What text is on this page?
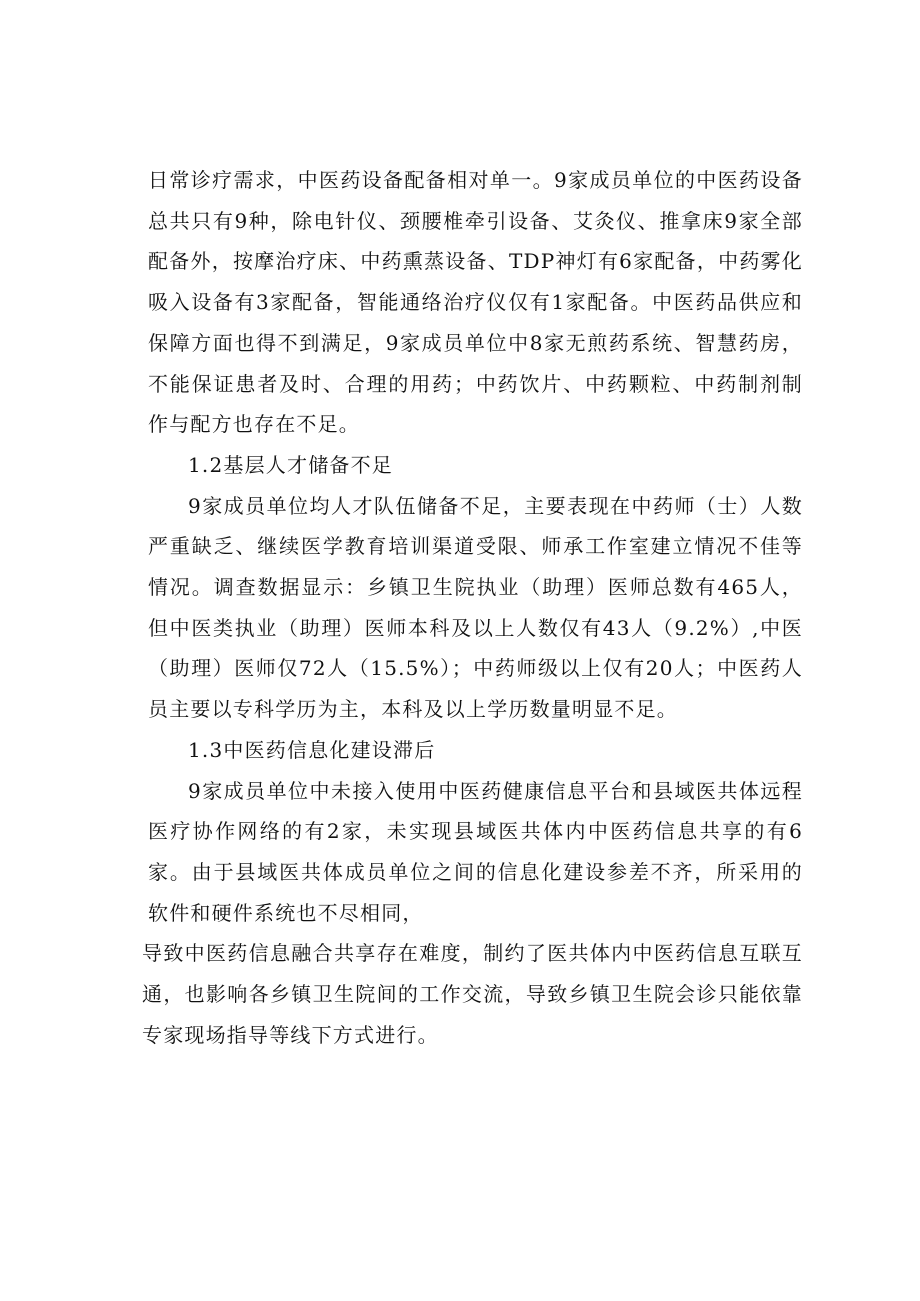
日常诊疗需求，中医药设备配备相对单一。9家成员单位的中医药设备总共只有9种，除电针仪、颈腰椎牵引设备、艾灸仪、推拿床9家全部配备外，按摩治疗床、中药熏蒸设备、TDP神灯有6家配备，中药雾化吸入设备有3家配备，智能通络治疗仪仅有1家配备。中医药品供应和保障方面也得不到满足，9家成员单位中8家无煎药系统、智慧药房，不能保证患者及时、合理的用药；中药饮片、中药颗粒、中药制剂制作与配方也存在不足。

1.2基层人才储备不足

9家成员单位均人才队伍储备不足，主要表现在中药师（士）人数严重缺乏、继续医学教育培训渠道受限、师承工作室建立情况不佳等情况。调查数据显示：乡镇卫生院执业（助理）医师总数有465人，但中医类执业（助理）医师本科及以上人数仅有43人（9.2%）,中医（助理）医师仅72人（15.5%）；中药师级以上仅有20人；中医药人员主要以专科学历为主，本科及以上学历数量明显不足。

1.3中医药信息化建设滞后

9家成员单位中未接入使用中医药健康信息平台和县域医共体远程医疗协作网络的有2家，未实现县域医共体内中医药信息共享的有6家。由于县域医共体成员单位之间的信息化建设参差不齐，所采用的软件和硬件系统也不尽相同，

导致中医药信息融合共享存在难度，制约了医共体内中医药信息互联互通，也影响各乡镇卫生院间的工作交流，导致乡镇卫生院会诊只能依靠专家现场指导等线下方式进行。
